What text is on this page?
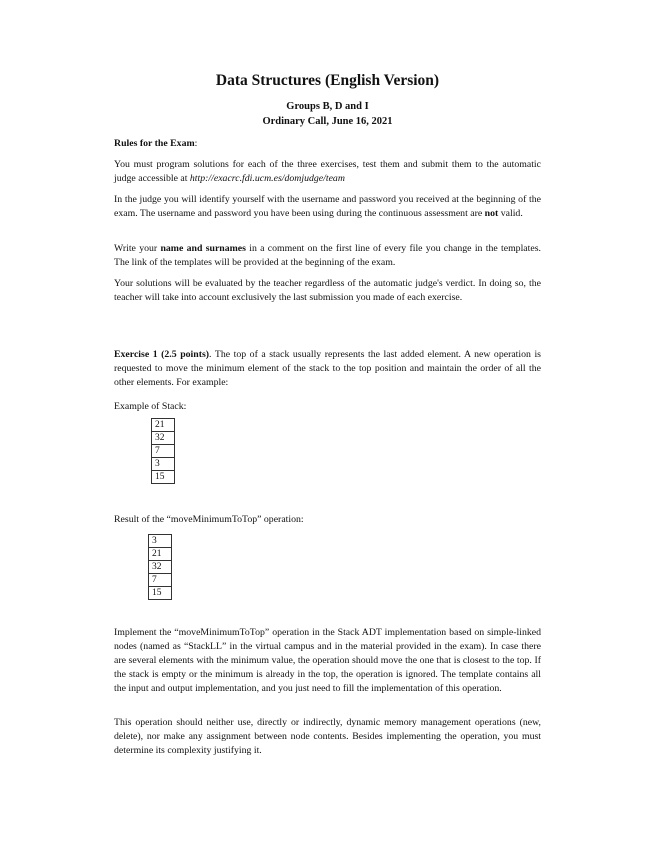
Data Structures (English Version)
Groups B, D and I
Ordinary Call, June 16, 2021

Rules for the Exam:

You must program solutions for each of the three exercises, test them and submit them to the automatic judge accessible at http://exacrc.fdi.ucm.es/domjudge/team

In the judge you will identify yourself with the username and password you received at the beginning of the exam. The username and password you have been using during the continuous assessment are not valid.

Write your name and surnames in a comment on the first line of every file you change in the templates. The link of the templates will be provided at the beginning of the exam.

Your solutions will be evaluated by the teacher regardless of the automatic judge's verdict. In doing so, the teacher will take into account exclusively the last submission you made of each exercise.

Exercise 1 (2.5 points). The top of a stack usually represents the last added element. A new operation is requested to move the minimum element of the stack to the top position and maintain the order of all the other elements. For example:

Example of Stack:

21
32
7
3
15

Result of the “moveMinimumToTop” operation:

3
21
32
7
15

Implement the “moveMinimumToTop” operation in the Stack ADT implementation based on simple-linked nodes (named as “StackLL” in the virtual campus and in the material provided in the exam). In case there are several elements with the minimum value, the operation should move the one that is closest to the top. If the stack is empty or the minimum is already in the top, the operation is ignored. The template contains all the input and output implementation, and you just need to fill the implementation of this operation.

This operation should neither use, directly or indirectly, dynamic memory management operations (new, delete), nor make any assignment between node contents. Besides implementing the operation, you must determine its complexity justifying it.
